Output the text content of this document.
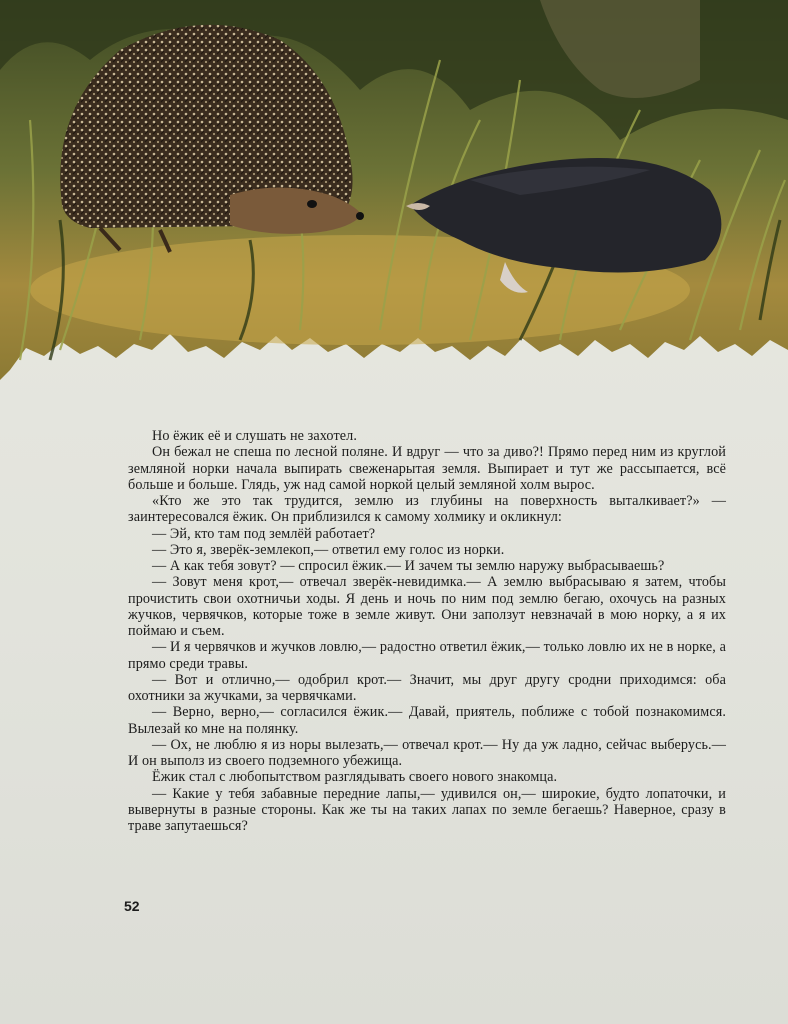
Но ёжик её и слушать не захотел.

Он бежал не спеша по лесной поляне. И вдруг — что за диво?! Прямо перед ним из круглой земляной норки начала выпирать свеженарытая земля. Выпирает и тут же рассыпается, всё больше и больше. Глядь, уж над самой норкой целый земляной холм вырос.

«Кто же это так трудится, землю из глубины на поверхность выталкивает?» — заинтересовался ёжик. Он приблизился к самому холмику и окликнул:

— Эй, кто там под землёй работает?

— Это я, зверёк-землекоп,— ответил ему голос из норки.

— А как тебя зовут? — спросил ёжик.— И зачем ты землю наружу выбрасываешь?

— Зовут меня крот,— отвечал зверёк-невидимка.— А землю выбрасываю я затем, чтобы прочистить свои охотничьи ходы. Я день и ночь по ним под землю бегаю, охочусь на разных жучков, червячков, которые тоже в земле живут. Они заползут невзначай в мою норку, а я их поймаю и съем.

— И я червячков и жучков ловлю,— радостно ответил ёжик,— только ловлю их не в норке, а прямо среди травы.

— Вот и отлично,— одобрил крот.— Значит, мы друг другу сродни приходимся: оба охотники за жучками, за червячками.

— Верно, верно,— согласился ёжик.— Давай, приятель, поближе с тобой познакомимся. Вылезай ко мне на полянку.

— Ох, не люблю я из норы вылезать,— отвечал крот.— Ну да уж ладно, сейчас выберусь.— И он выполз из своего подземного убежища.

Ёжик стал с любопытством разглядывать своего нового знакомца.

— Какие у тебя забавные передние лапы,— удивился он,— широкие, будто лопаточки, и вывернуты в разные стороны. Как же ты на таких лапах по земле бегаешь? Наверное, сразу в траве запутаешься?

52
